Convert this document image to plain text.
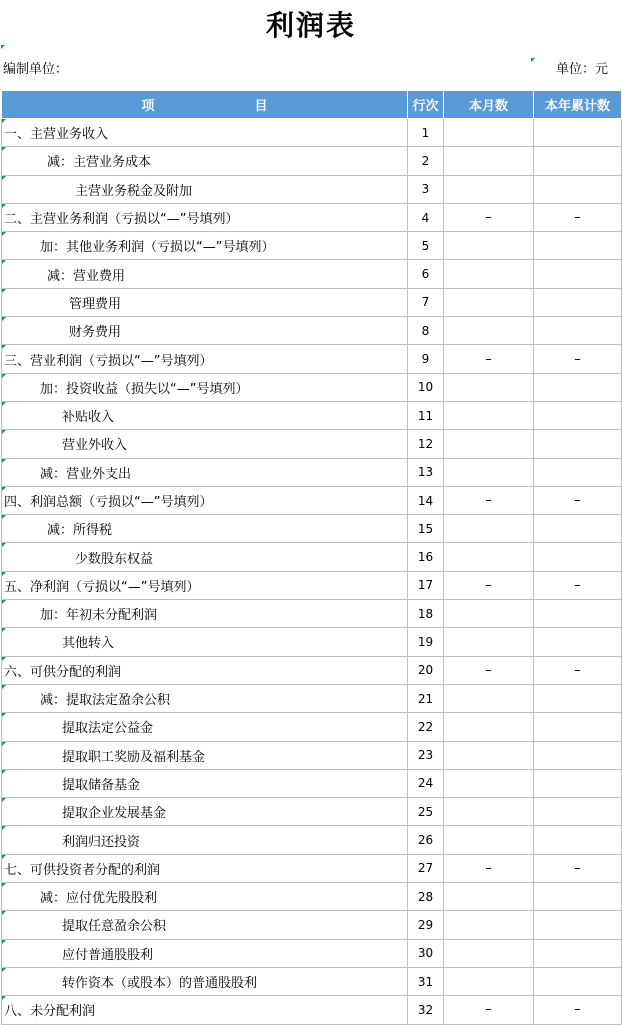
利润表
编制单位：	单位：元
项 目	行次	本月数	本年累计数

一、主营业务收入	1		

减：主营业务成本	2		

主营业务税金及附加	3		

二、主营业务利润（亏损以“—”号填列）	4	–	–

加：其他业务利润（亏损以“—”号填列）	5		

减：营业费用	6		

管理费用	7		

财务费用	8		

三、营业利润（亏损以“—”号填列）	9	–	–

加：投资收益（损失以“—”号填列）	10		

补贴收入	11		

营业外收入	12		

减：营业外支出	13		

四、利润总额（亏损以“—”号填列）	14	–	–

减：所得税	15		

少数股东权益	16		

五、净利润（亏损以“—”号填列）	17	–	–

加：年初未分配利润	18		

其他转入	19		

六、可供分配的利润	20	–	–

减：提取法定盈余公积	21		

提取法定公益金	22		

提取职工奖励及福利基金	23		

提取储备基金	24		

提取企业发展基金	25		

利润归还投资	26		

七、可供投资者分配的利润	27	–	–

减：应付优先股股利	28		

提取任意盈余公积	29		

应付普通股股利	30		

转作资本（或股本）的普通股股利	31		

八、未分配利润	32	–	–
